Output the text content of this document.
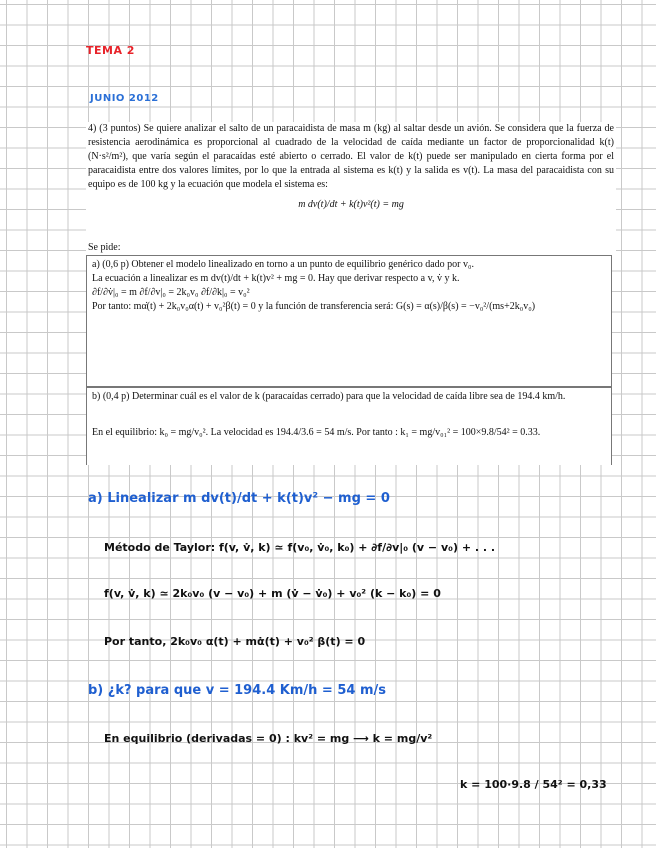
TEMA 2
JUNIO 2012

4) (3 puntos) Se quiere analizar el salto de un paracaidista de masa m (kg) al saltar desde un avión. Se considera que la fuerza de resistencia aerodinámica es proporcional al cuadrado de la velocidad de caída mediante un factor de proporcionalidad k(t)(N·s²/m²), que varía según el paracaídas esté abierto o cerrado. El valor de k(t) puede ser manipulado en cierta forma por el paracaidista entre dos valores límites, por lo que la entrada al sistema es k(t) y la salida es v(t). La masa del paracaidista con su equipo es de 100 kg y la ecuación que modela el sistema es:

m dv(t)/dt + k(t)v²(t) = mg

Se pide:

a) (0,6 p) Obtener el modelo linealizado en torno a un punto de equilibrio genérico dado por v₀.

La ecuación a linealizar es m dv(t)/dt + k(t)v² + mg = 0. Hay que derivar respecto a v, v̇ y k.

∂f/∂v̇|₀ = m ∂f/∂v|₀ = 2k₀v₀ ∂f/∂k|₀ = v₀²

Por tanto: mα̇(t) + 2k₀v₀α(t) + v₀²β(t) = 0 y la función de transferencia será: G(s) = α(s)/β(s) = −v₀²/(ms+2k₀v₀)

b) (0,4 p) Determinar cuál es el valor de k (paracaídas cerrado) para que la velocidad de caída libre sea de 194.4 km/h.

En el equilibrio: k₀ = mg/v₀². La velocidad es 194.4/3.6 = 54 m/s. Por tanto : k₁ = mg/v₀₁² = 100×9.8/54² = 0.33.

a) Linealizar m dv(t)/dt + k(t)v² − mg = 0
Método de Taylor: f(v, v̇, k) ≃ f(v₀, v̇₀, k₀) + ∂f/∂v|₀ (v − v₀) + . . .
f(v, v̇, k) ≃ 2k₀v₀ (v − v₀) + m (v̇ − v̇₀) + v₀² (k − k₀) = 0
Por tanto, 2k₀v₀ α(t) + mα̇(t) + v₀² β(t) = 0
b) ¿k? para que v = 194.4 Km/h = 54 m/s
En equilibrio (derivadas = 0) : kv² = mg ⟶ k = mg/v²
k = 100·9.8 / 54² = 0,33
